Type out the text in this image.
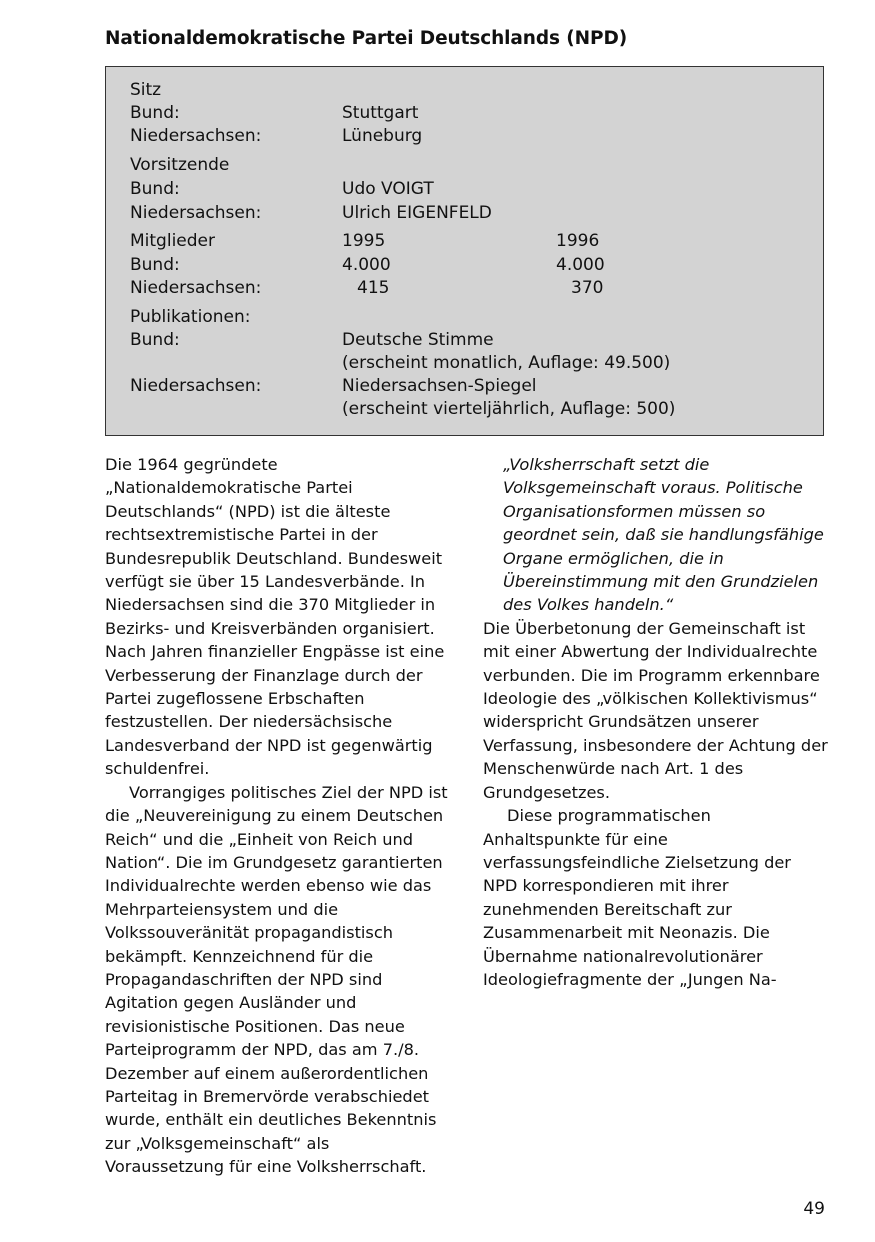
Nationaldemokratische Partei Deutschlands (NPD)
Sitz
Bund:	Stuttgart
Niedersachsen:	Lüneburg
Vorsitzende
Bund:	Udo VOIGT
Niedersachsen:	Ulrich EIGENFELD
Mitglieder	1995	1996
Bund:	4.000	4.000
Niedersachsen:	415	370
Publikationen:
Bund:	Deutsche Stimme
(erscheint monatlich, Auflage: 49.500)
Niedersachsen:	Niedersachsen-Spiegel
(erscheint vierteljährlich, Auflage: 500)

Die 1964 gegründete „Nationaldemokratische Partei Deutschlands“ (NPD) ist die älteste rechtsextremistische Partei in der Bundesrepublik Deutschland. Bundesweit verfügt sie über 15 Landesverbände. In Niedersachsen sind die 370 Mitglieder in Bezirks- und Kreisverbänden organisiert. Nach Jahren finanzieller Engpässe ist eine Verbesserung der Finanzlage durch der Partei zugeflossene Erbschaften festzustellen. Der niedersächsische Landesverband der NPD ist gegenwärtig schuldenfrei.

Vorrangiges politisches Ziel der NPD ist die „Neuvereinigung zu einem Deutschen Reich“ und die „Einheit von Reich und Nation“. Die im Grundgesetz garantierten Individualrechte werden ebenso wie das Mehrparteiensystem und die Volkssouveränität propagandistisch bekämpft. Kennzeichnend für die Propagandaschriften der NPD sind Agitation gegen Ausländer und revisionistische Positionen. Das neue Parteiprogramm der NPD, das am 7./8. Dezember auf einem außerordentlichen Parteitag in Bremervörde verabschiedet wurde, enthält ein deutliches Bekenntnis zur „Volksgemeinschaft“ als Voraussetzung für eine Volksherrschaft.

„Volksherrschaft setzt die Volksgemeinschaft voraus. Politische Organisationsformen müssen so geordnet sein, daß sie handlungsfähige Organe ermöglichen, die in Übereinstimmung mit den Grundzielen des Volkes handeln.“

Die Überbetonung der Gemeinschaft ist mit einer Abwertung der Individualrechte verbunden. Die im Programm erkennbare Ideologie des „völkischen Kollektivismus“ widerspricht Grundsätzen unserer Verfassung, insbesondere der Achtung der Menschenwürde nach Art. 1 des Grundgesetzes.

Diese programmatischen Anhaltspunkte für eine verfassungsfeindliche Zielsetzung der NPD korrespondieren mit ihrer zunehmenden Bereitschaft zur Zusammenarbeit mit Neonazis. Die Übernahme nationalrevolutionärer Ideologiefragmente der „Jungen Na-

49
